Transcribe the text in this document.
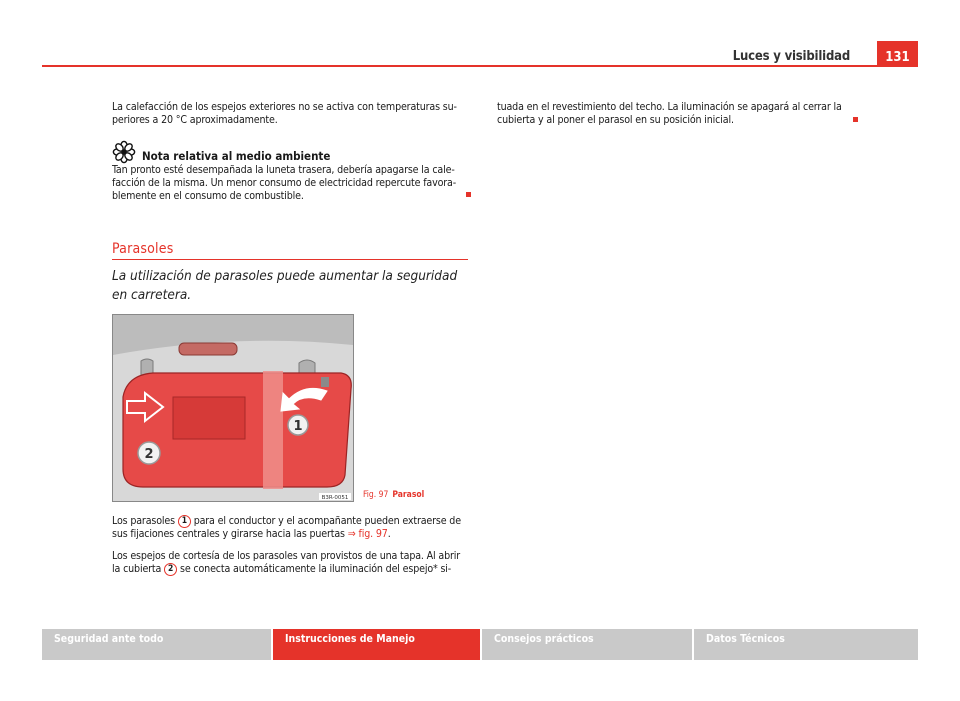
Luces y visibilidad	131

La calefacción de los espejos exteriores no se activa con temperaturas su-periores a 20 °C aproximadamente.

Nota relativa al medio ambiente

Tan pronto esté desempañada la luneta trasera, debería apagarse la cale-facción de la misma. Un menor consumo de electricidad repercute favora-blemente en el consumo de combustible.

Parasoles

La utilización de parasoles puede aumentar la seguridad en carretera.

1
2
B3R-0051 Fig. 97 Parasol

Los parasoles 1 para el conductor y el acompañante pueden extraerse de sus fijaciones centrales y girarse hacia las puertas ⇒ fig. 97.

Los espejos de cortesía de los parasoles van provistos de una tapa. Al abrir la cubierta 2 se conecta automáticamente la iluminación del espejo* si-

tuada en el revestimiento del techo. La iluminación se apagará al cerrar la cubierta y al poner el parasol en su posición inicial.

Seguridad ante todo	Instrucciones de Manejo	Consejos prácticos	Datos Técnicos
